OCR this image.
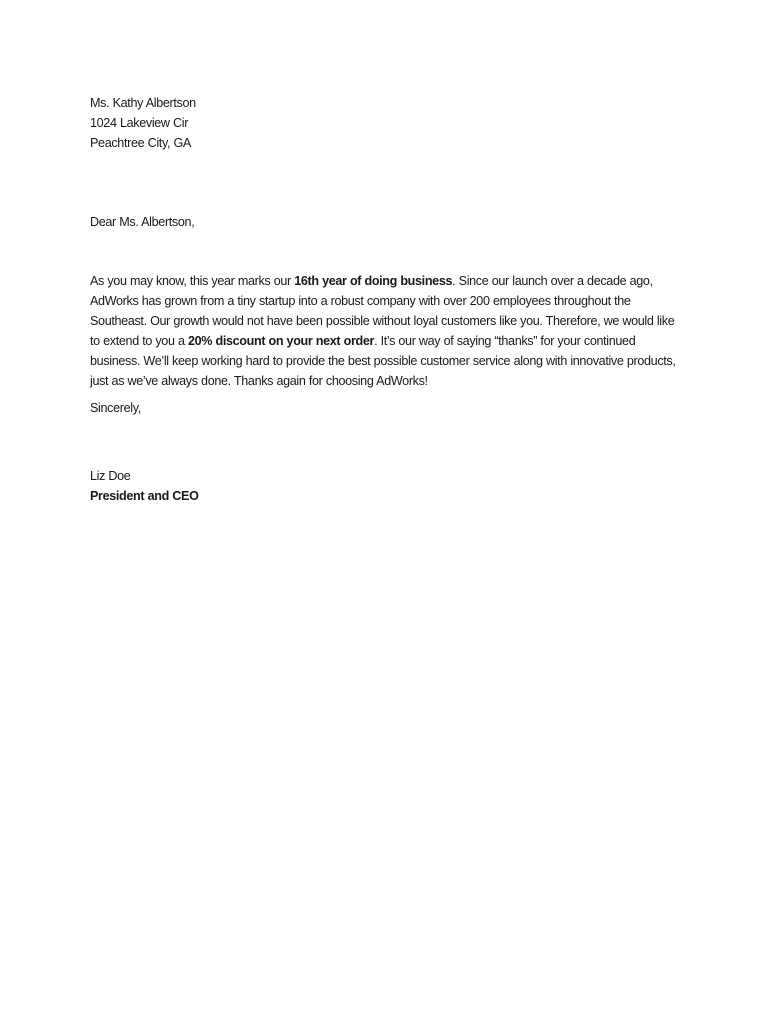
Ms. Kathy Albertson
1024 Lakeview Cir
Peachtree City, GA
Dear Ms. Albertson,

As you may know, this year marks our 16th year of doing business. Since our launch over a decade ago, AdWorks has grown from a tiny startup into a robust company with over 200 employees throughout the Southeast. Our growth would not have been possible without loyal customers like you. Therefore, we would like to extend to you a 20% discount on your next order. It’s our way of saying “thanks” for your continued business. We’ll keep working hard to provide the best possible customer service along with innovative products, just as we’ve always done. Thanks again for choosing AdWorks!

Sincerely,
Liz Doe
President and CEO
